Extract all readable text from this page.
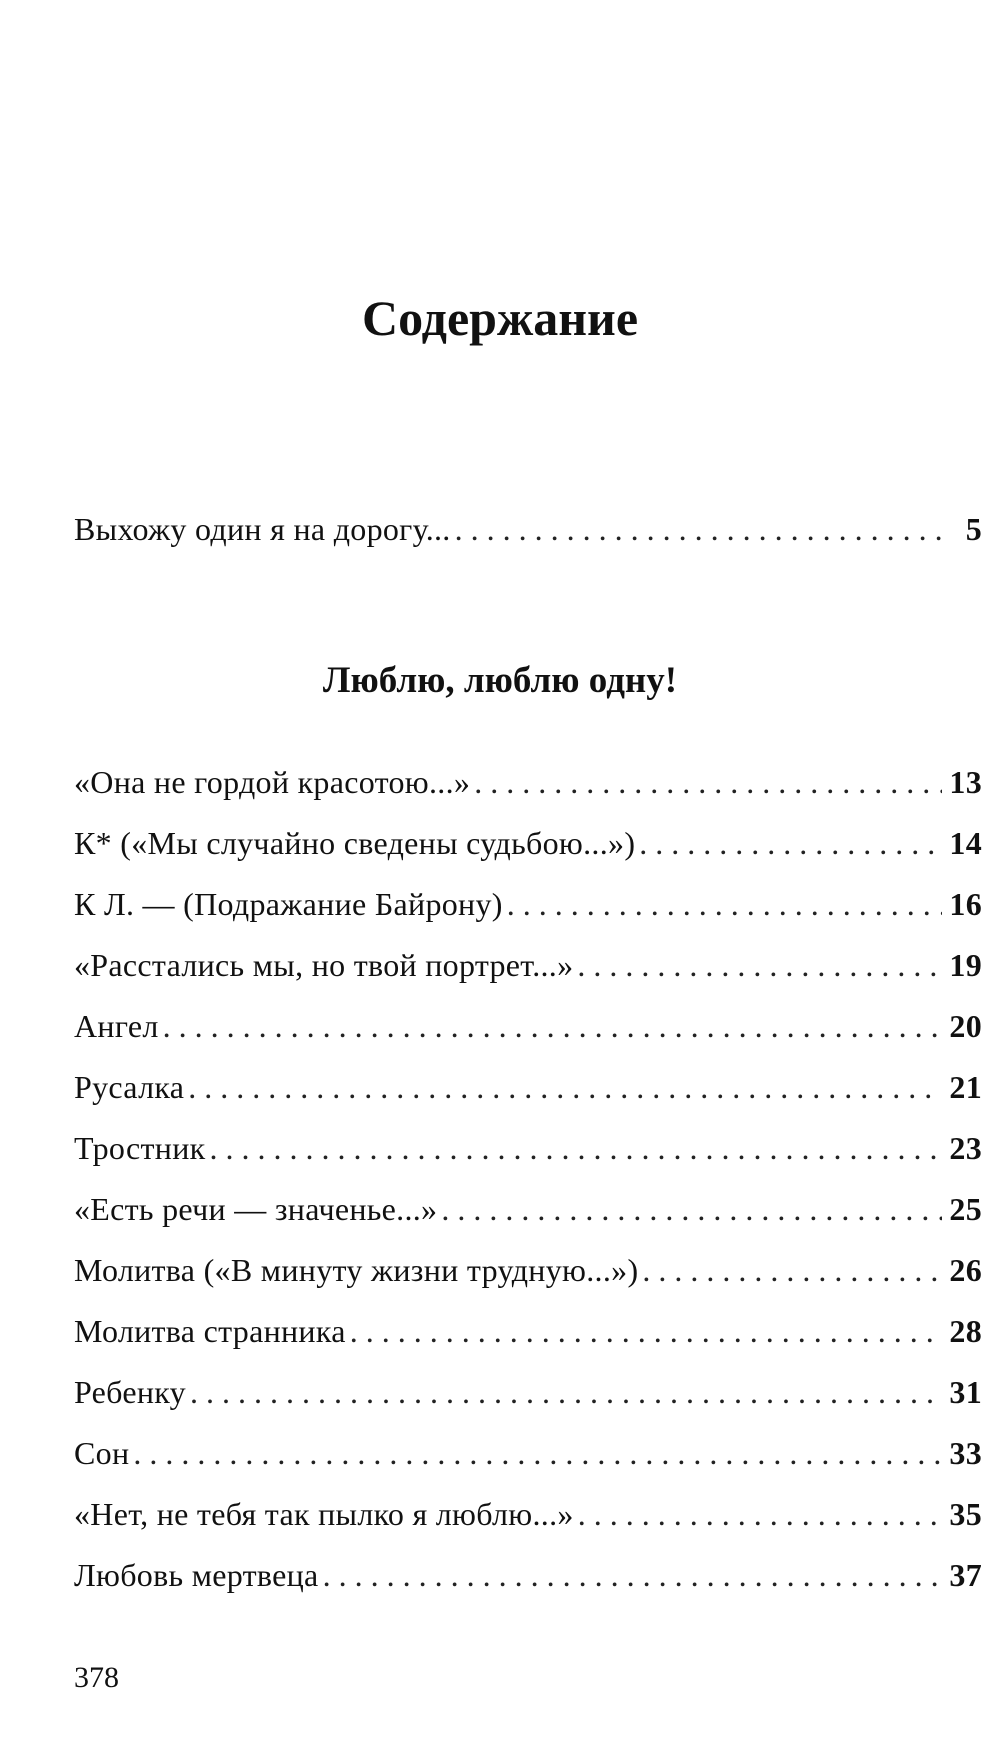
Содержание
Выхожу один я на дорогу... . . .	5
Люблю, люблю одну!
«Она не гордой красотою...» . . .	13
К* («Мы случайно сведены судьбою...») . . .	14
К Л. — (Подражание Байрону) . . .	16
«Расстались мы, но твой портрет...» . . .	19
Ангел . . .	20
Русалка . . .	21
Тростник . . .	23
«Есть речи — значенье...» . . .	25
Молитва («В минуту жизни трудную...») . . .	26
Молитва странника . . .	28
Ребенку . . .	31
Сон . . .	33
«Нет, не тебя так пылко я люблю...» . . .	35
Любовь мертвеца . . .	37

378
